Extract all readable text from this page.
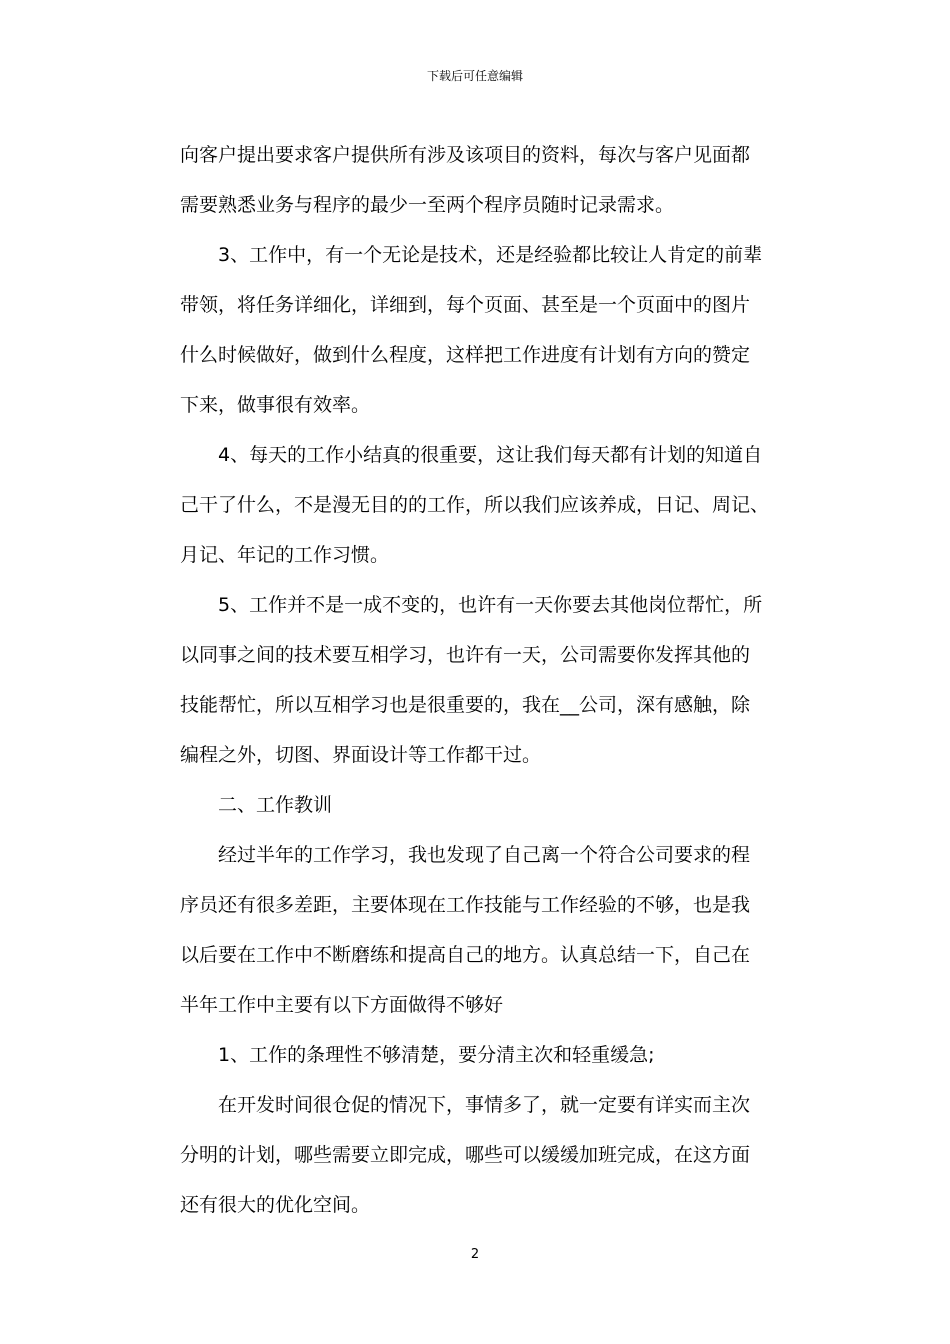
下载后可任意编辑
向客户提出要求客户提供所有涉及该项目的资料，每次与客户见面都
需要熟悉业务与程序的最少一至两个程序员随时记录需求。
3、工作中，有一个无论是技术，还是经验都比较让人肯定的前辈
带领，将任务详细化，详细到，每个页面、甚至是一个页面中的图片
什么时候做好，做到什么程度，这样把工作进度有计划有方向的赞定
下来，做事很有效率。
4、每天的工作小结真的很重要，这让我们每天都有计划的知道自
己干了什么，不是漫无目的的工作，所以我们应该养成，日记、周记、
月记、年记的工作习惯。
5、工作并不是一成不变的，也许有一天你要去其他岗位帮忙，所
以同事之间的技术要互相学习，也许有一天，公司需要你发挥其他的
技能帮忙，所以互相学习也是很重要的，我在__公司，深有感触，除
编程之外，切图、界面设计等工作都干过。
二、工作教训
经过半年的工作学习，我也发现了自己离一个符合公司要求的程
序员还有很多差距，主要体现在工作技能与工作经验的不够，也是我
以后要在工作中不断磨练和提高自己的地方。认真总结一下，自己在
半年工作中主要有以下方面做得不够好
1、工作的条理性不够清楚，要分清主次和轻重缓急;
在开发时间很仓促的情况下，事情多了，就一定要有详实而主次
分明的计划，哪些需要立即完成，哪些可以缓缓加班完成，在这方面
还有很大的优化空间。
2
